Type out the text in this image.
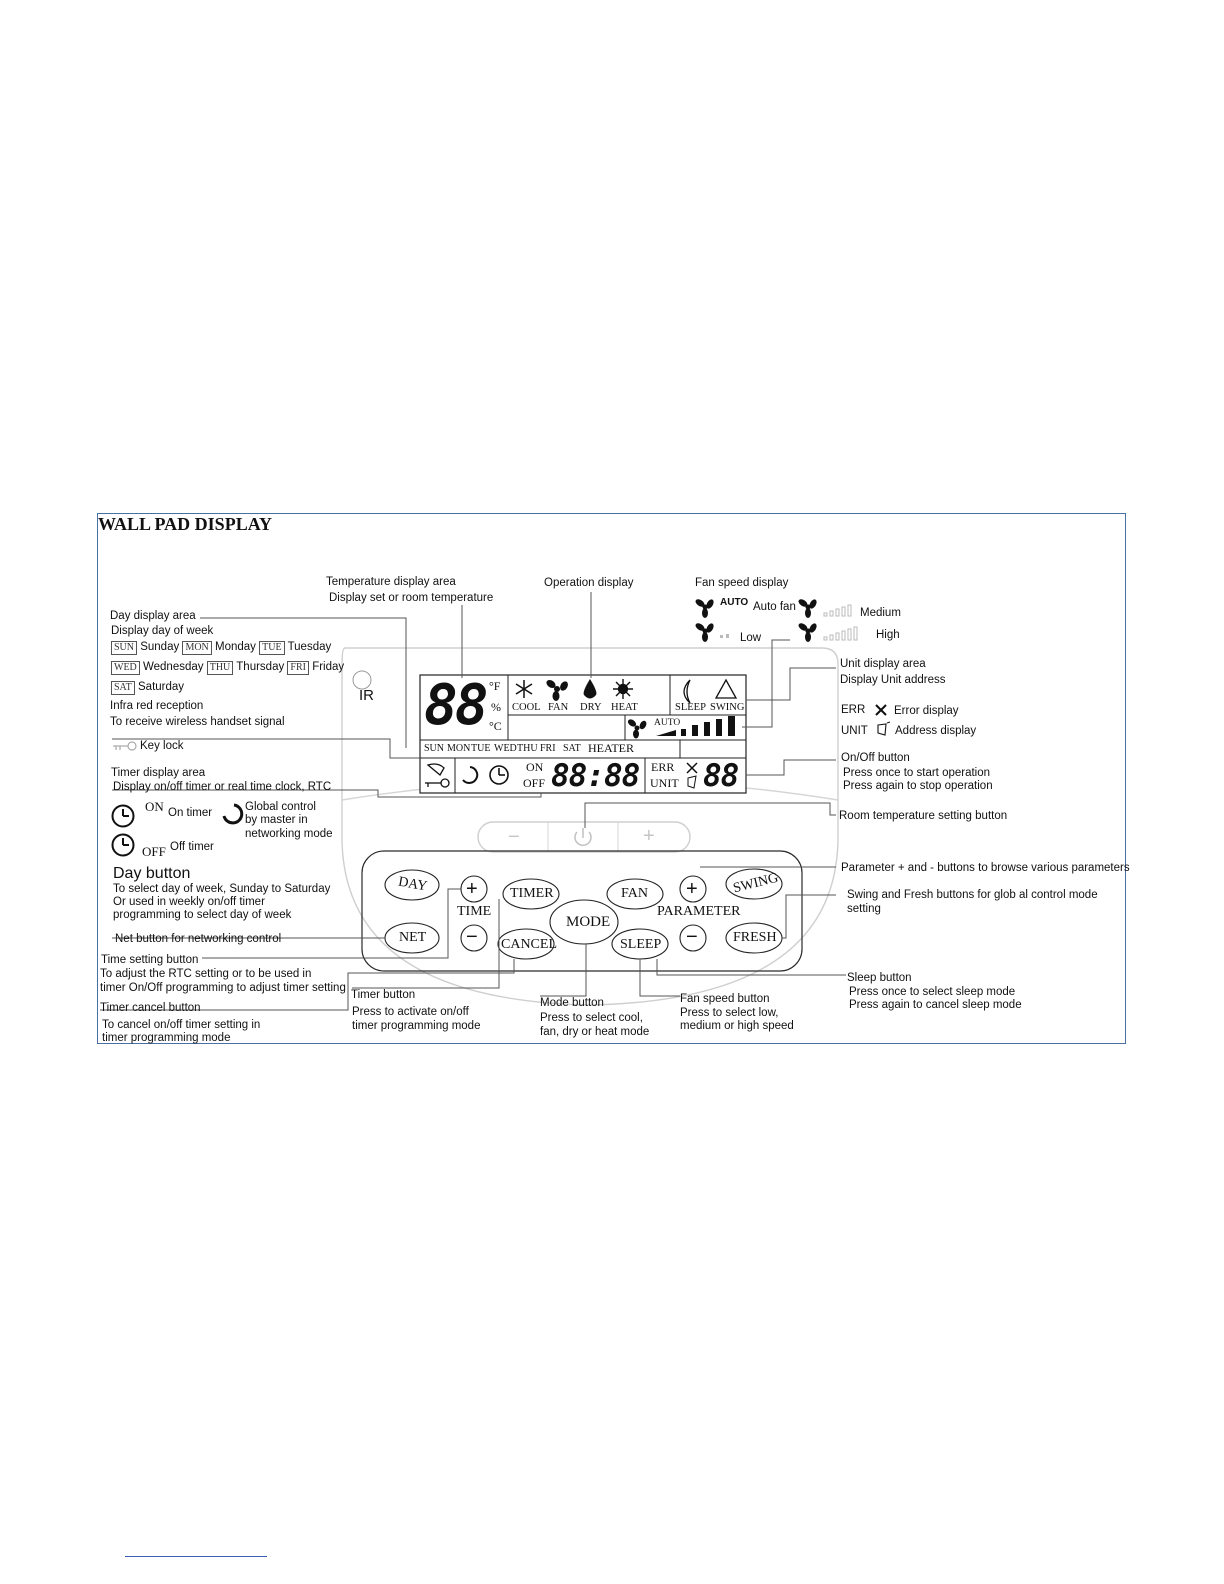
WALL PAD DISPLAY
88 °F
%
°C
COOL FAN DRY HEAT	SLEEP SWING
AUTO
SUN MON TUE WED THU FRI SAT HEATER
ON
OFF 88:88 ERR
UNIT 88
IR
−	+
DAY
NET
+
TIME
−
TIMER
CANCEL
MODE
FAN
SLEEP
+
PARAMETER
−
SWING
FRESH
Temperature display area
Display set or room temperature
Operation display	Fan speed display
AUTO Auto fan	Medium
Low	High
Day display area
Display day of week
SUN Sunday MON Monday TUE Tuesday
WED Wednesday THU Thursday FRI Friday
SAT Saturday
Infra red reception
To receive wireless handset signal
Key lock
Timer display area
Display on/off timer or real time clock, RTC
ON On timer	Global control
by master in
networking mode
OFF Off timer
Day button
To select day of week, Sunday to Saturday
Or used in weekly on/off timer
programming to select day of week
Net button for networking control
Time setting button
To adjust the RTC setting or to be used in
timer On/Off programming to adjust timer setting
Timer cancel button
To cancel on/off timer setting in
timer programming mode
Timer button
Press to activate on/off
timer programming mode
Mode button
Press to select cool,
fan, dry or heat mode
Fan speed button
Press to select low,
medium or high speed
Unit display area
Display Unit address
ERR Error display
UNIT Address display
On/Off button
Press once to start operation
Press again to stop operation
Room temperature setting button
Parameter + and - buttons to browse various parameters
Swing and Fresh buttons for glob al control mode
setting
Sleep button
Press once to select sleep mode
Press again to cancel sleep mode
